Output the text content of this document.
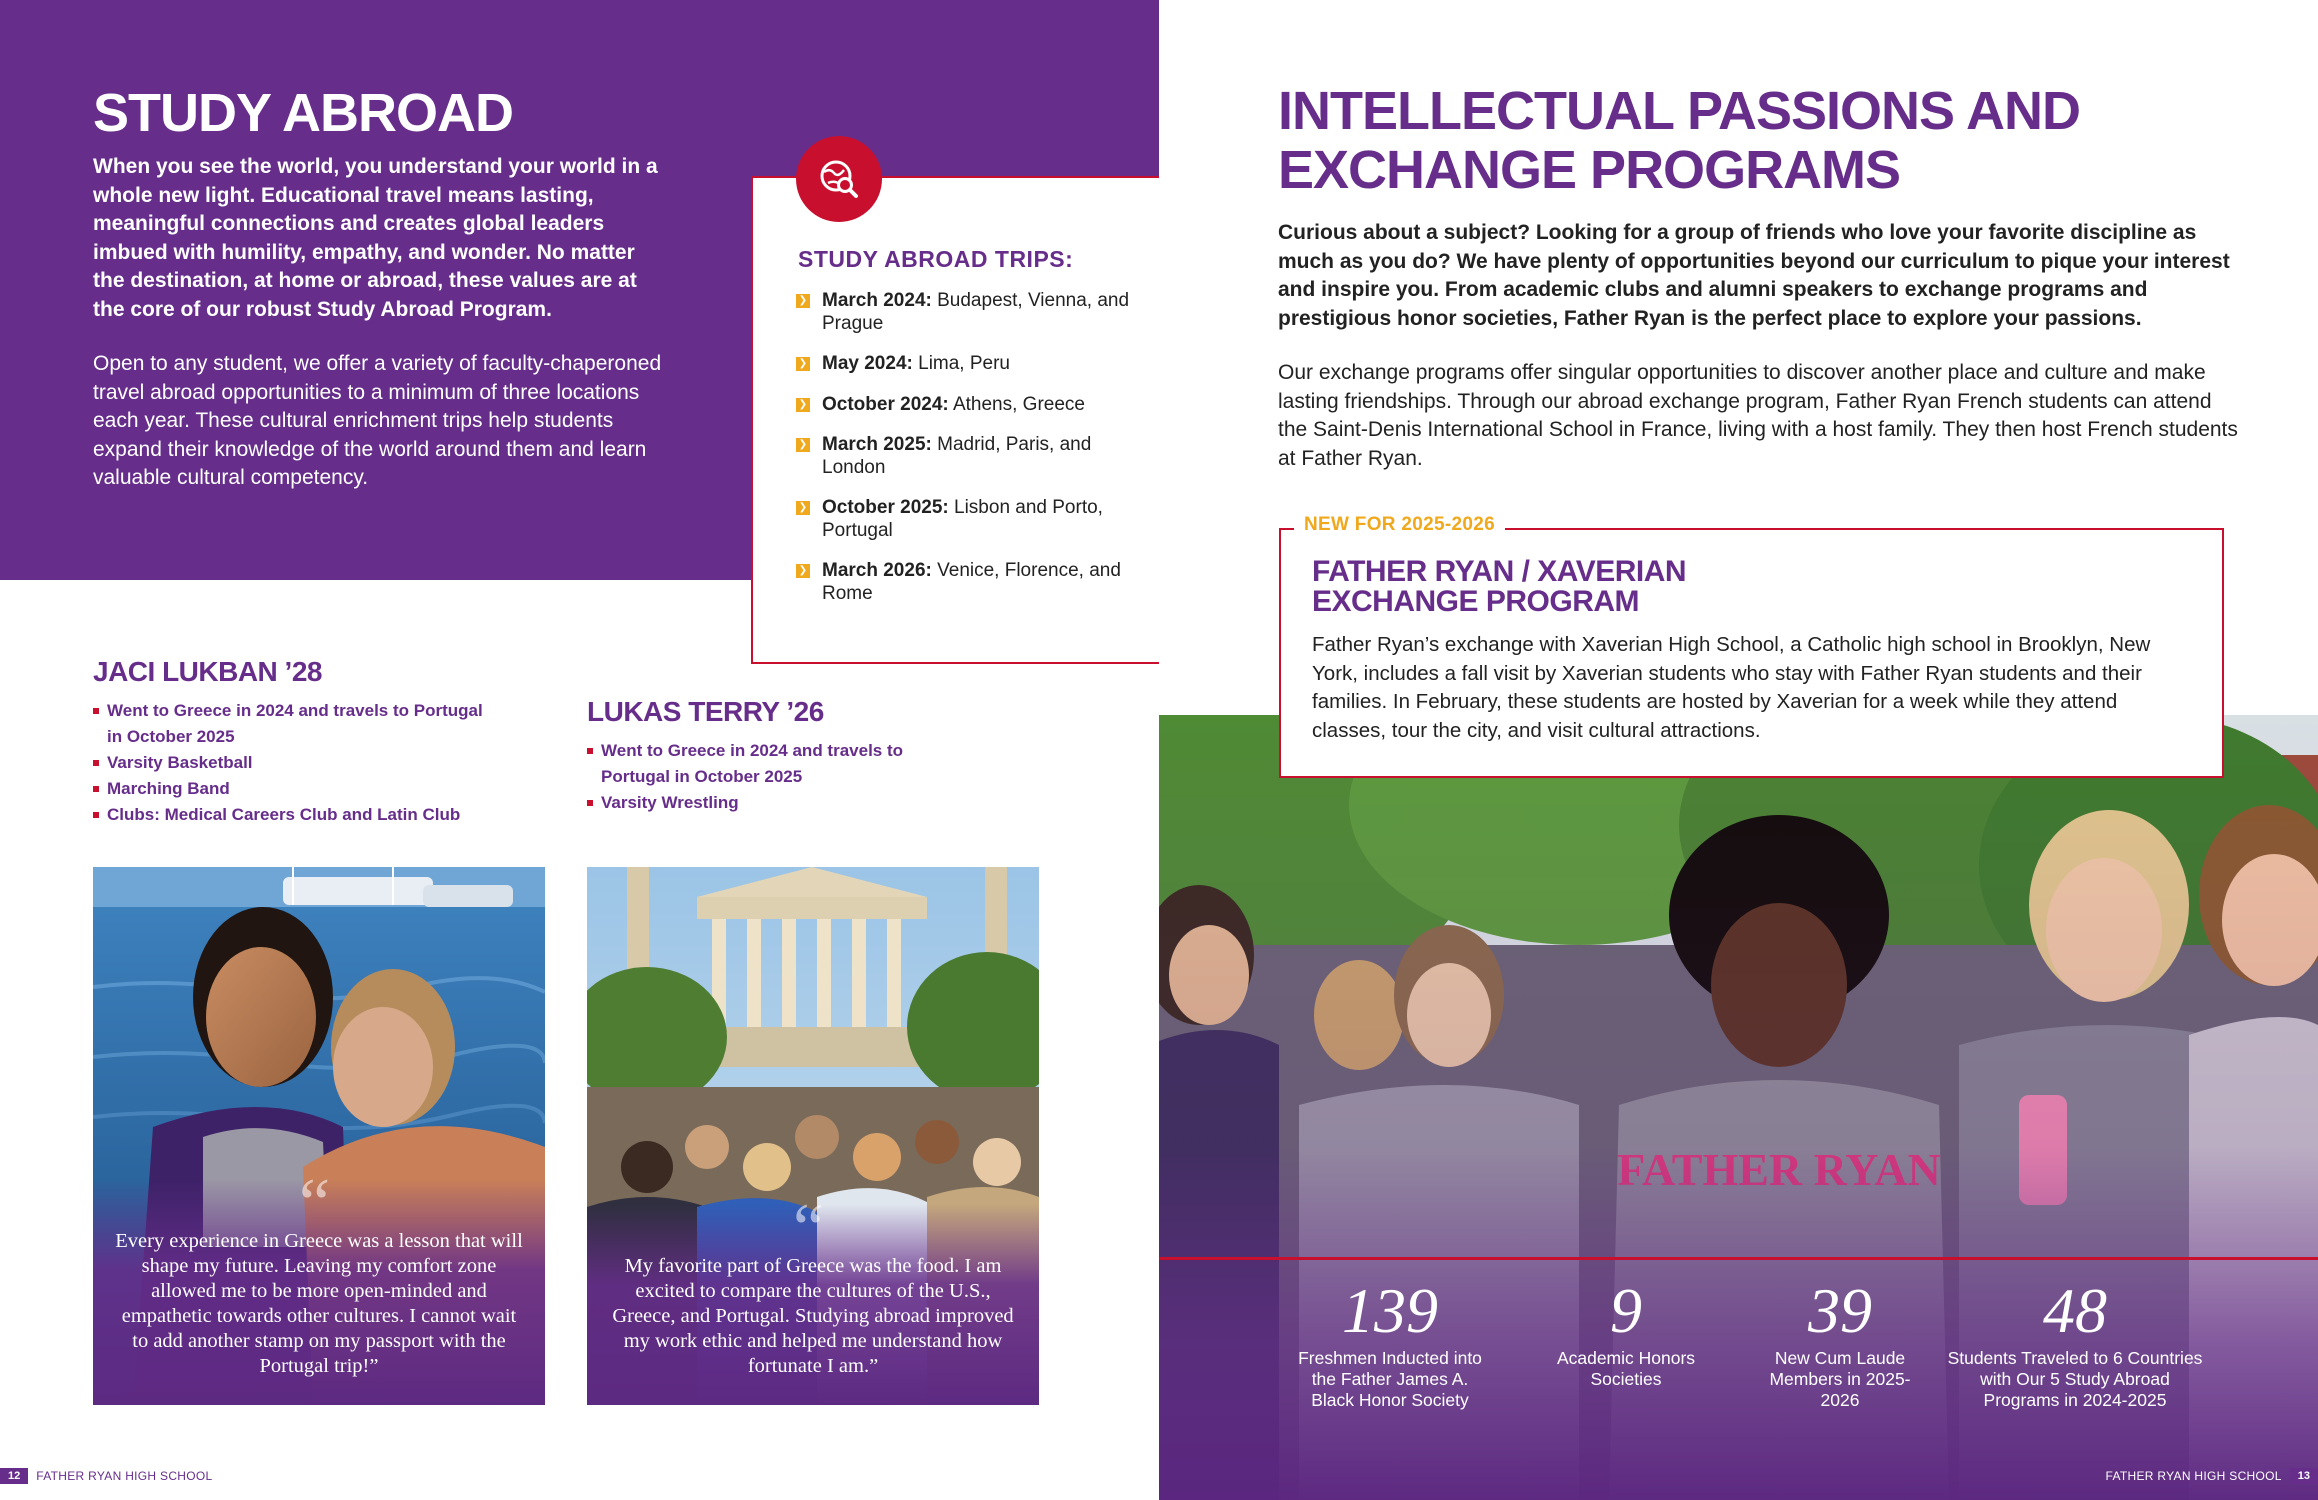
STUDY ABROAD

When you see the world, you understand your world in a whole new light. Educational travel means lasting, meaningful connections and creates global leaders imbued with humility, empathy, and wonder. No matter the destination, at home or abroad, these values are at the core of our robust Study Abroad Program.

Open to any student, we offer a variety of faculty-chaperoned travel abroad opportunities to a minimum of three locations each year. These cultural enrichment trips help students expand their knowledge of the world around them and learn valuable cultural competency.

STUDY ABROAD TRIPS:
❯ March 2024: Budapest, Vienna, and Prague
❯ May 2024: Lima, Peru
❯ October 2024: Athens, Greece
❯ March 2025: Madrid, Paris, and London
❯ October 2025: Lisbon and Porto, Portugal
❯ March 2026: Venice, Florence, and Rome
JACI LUKBAN ’28
Went to Greece in 2024 and travels to Portugal in October 2025
Varsity Basketball
Marching Band
Clubs: Medical Careers Club and Latin Club
LUKAS TERRY ’26
Went to Greece in 2024 and travels to Portugal in October 2025
Varsity Wrestling
“
Every experience in Greece was a lesson that will shape my future. Leaving my comfort zone allowed me to be more open-minded and empathetic towards other cultures. I cannot wait to add another stamp on my passport with the Portugal trip!”
“
My favorite part of Greece was the food. I am excited to compare the cultures of the U.S., Greece, and Portugal. Studying abroad improved my work ethic and helped me understand how fortunate I am.”
12	FATHER RYAN HIGH SCHOOL
INTELLECTUAL PASSIONS AND EXCHANGE PROGRAMS

Curious about a subject? Looking for a group of friends who love your favorite discipline as much as you do? We have plenty of opportunities beyond our curriculum to pique your interest and inspire you. From academic clubs and alumni speakers to exchange programs and prestigious honor societies, Father Ryan is the perfect place to explore your passions.

Our exchange programs offer singular opportunities to discover another place and culture and make lasting friendships. Through our abroad exchange program, Father Ryan French students can attend the Saint-Denis International School in France, living with a host family. They then host French students at Father Ryan.

NEW FOR 2025-2026
FATHER RYAN / XAVERIAN
EXCHANGE PROGRAM

Father Ryan’s exchange with Xaverian High School, a Catholic high school in Brooklyn, New York, includes a fall visit by Xaverian students who stay with Father Ryan students and their families. In February, these students are hosted by Xaverian for a week while they attend classes, tour the city, and visit cultural attractions.

139
Freshmen Inducted into the Father James A. Black Honor Society
9
Academic Honors Societies
39
New Cum Laude Members in 2025-2026
48
Students Traveled to 6 Countries with Our 5 Study Abroad Programs in 2024-2025
FATHER RYAN HIGH SCHOOL	13
